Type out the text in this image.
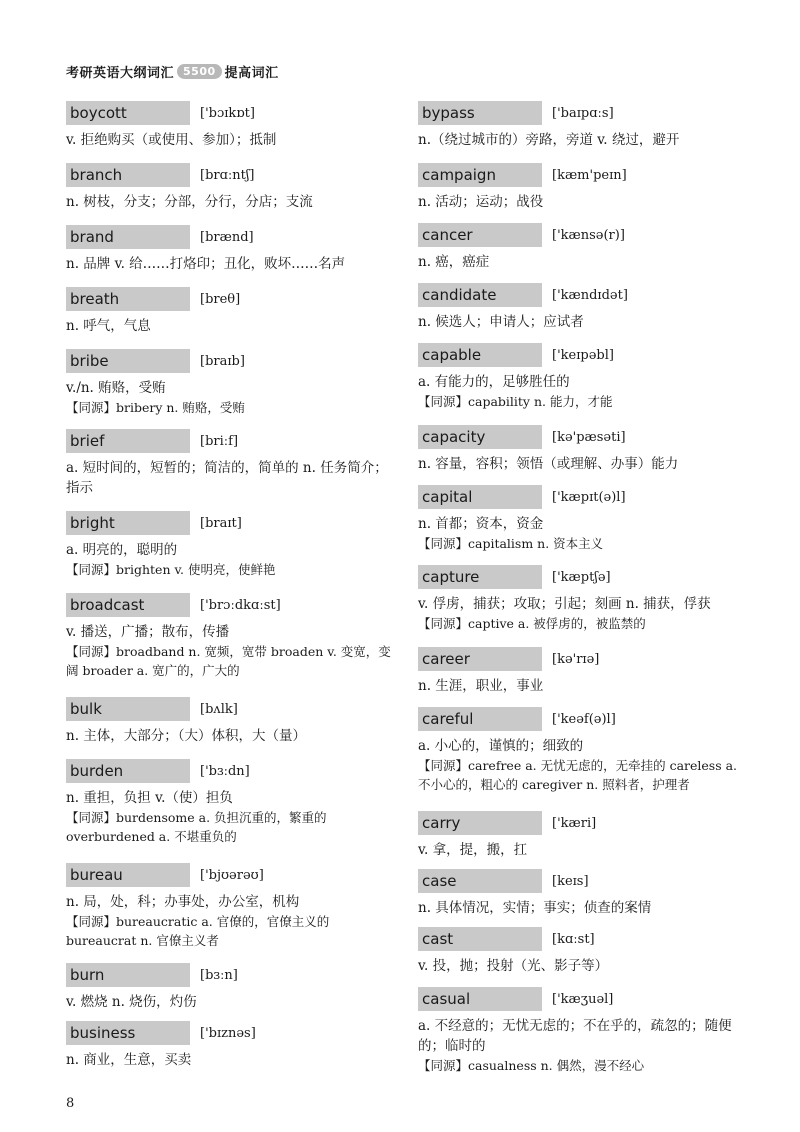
考研英语大纲词汇 5500 提高词汇
boycott	['bɔɪkɒt]
v. 拒绝购买（或使用、参加）；抵制
branch	[brɑːntʃ]
n. 树枝，分支；分部，分行，分店；支流
brand	[brænd]
n. 品牌 v. 给……打烙印；丑化，败坏……名声
breath	[breθ]
n. 呼气，气息
bribe	[braɪb]
v./n. 贿赂，受贿
【同源】bribery n. 贿赂，受贿
brief	[briːf]
a. 短时间的，短暂的；简洁的，简单的 n. 任务简介；指示
bright	[braɪt]
a. 明亮的，聪明的
【同源】brighten v. 使明亮，使鲜艳
broadcast	['brɔːdkɑːst]
v. 播送，广播；散布，传播
【同源】broadband n. 宽频，宽带 broaden v. 变宽，变阔 broader a. 宽广的，广大的
bulk	[bʌlk]
n. 主体，大部分；（大）体积，大（量）
burden	['bɜːdn]
n. 重担，负担 v.（使）担负
【同源】burdensome a. 负担沉重的，繁重的 overburdened a. 不堪重负的
bureau	['bjʊərəʊ]
n. 局，处，科；办事处，办公室，机构
【同源】bureaucratic a. 官僚的，官僚主义的 bureaucrat n. 官僚主义者
burn	[bɜːn]
v. 燃烧 n. 烧伤，灼伤
business	['bɪznəs]
n. 商业，生意，买卖
bypass	['baɪpɑːs]
n.（绕过城市的）旁路，旁道 v. 绕过，避开
campaign	[kæm'peɪn]
n. 活动；运动；战役
cancer	['kænsə(r)]
n. 癌，癌症
candidate	['kændɪdət]
n. 候选人；申请人；应试者
capable	['keɪpəbl]
a. 有能力的，足够胜任的
【同源】capability n. 能力，才能
capacity	[kə'pæsəti]
n. 容量，容积；领悟（或理解、办事）能力
capital	['kæpɪt(ə)l]
n. 首都；资本，资金
【同源】capitalism n. 资本主义
capture	['kæptʃə]
v. 俘虏，捕获；攻取；引起；刻画 n. 捕获，俘获
【同源】captive a. 被俘虏的，被监禁的
career	[kə'rɪə]
n. 生涯，职业，事业
careful	['keəf(ə)l]
a. 小心的，谨慎的；细致的
【同源】carefree a. 无忧无虑的，无牵挂的 careless a. 不小心的，粗心的 caregiver n. 照料者，护理者
carry	['kæri]
v. 拿，提，搬，扛
case	[keɪs]
n. 具体情况，实情；事实；侦查的案情
cast	[kɑːst]
v. 投，抛；投射（光、影子等）
casual	['kæʒuəl]
a. 不经意的；无忧无虑的；不在乎的，疏忽的；随便的；临时的
【同源】casualness n. 偶然，漫不经心
8
